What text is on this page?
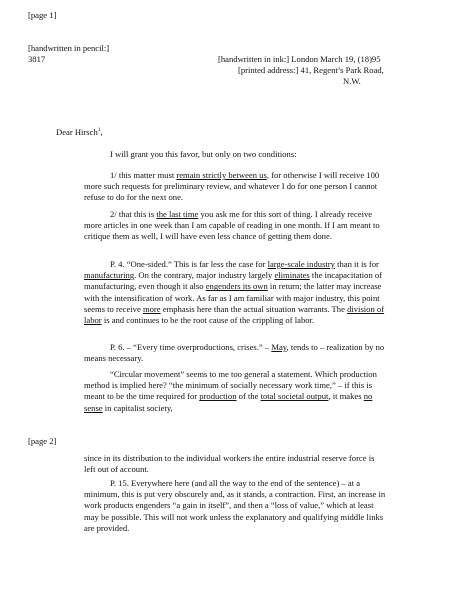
[page 1]
[handwritten in pencil:]
3817	[handwritten in ink:] London March 19, (18)95
[printed address:] 41, Regent’s Park Road,
N.W.
Dear Hirsch$^1$,
I will grant you this favor, but only on two conditions:

1/ this matter must remain strictly between us, for otherwise I will receive 100 more such requests for preliminary review, and whatever I do for one person I cannot refuse to do for the next one.

2/ that this is the last time you ask me for this sort of thing. I already receive more articles in one week than I am capable of reading in one month. If I am meant to critique them as well, I will have even less chance of getting them done.

P. 4. “One-sided.” This is far less the case for large-scale industry than it is for manufacturing. On the contrary, major industry largely eliminates the incapacitation of manufacturing, even though it also engenders its own in return; the latter may increase with the intensification of work. As far as I am familiar with major industry, this point seems to receive more emphasis here than the actual situation warrants. The division of labor is and continues to be the root cause of the crippling of labor.

P. 6. – “Every time overproductions, crises.” – May, tends to – realization by no means necessary.

“Circular movement” seems to me too general a statement. Which production method is implied here? “the minimum of socially necessary work time,” – if this is meant to be the time required for production of the total societal output, it makes no sense in capitalist society,

[page 2]

since in its distribution to the individual workers the entire industrial reserve force is left out of account.

P. 15. Everywhere here (and all the way to the end of the sentence) – at a minimum, this is put very obscurely and, as it stands, a contraction. First, an increase in work products engenders “a gain in itself”, and then a “loss of value,” which at least may be possible. This will not work unless the explanatory and qualifying middle links are provided.
